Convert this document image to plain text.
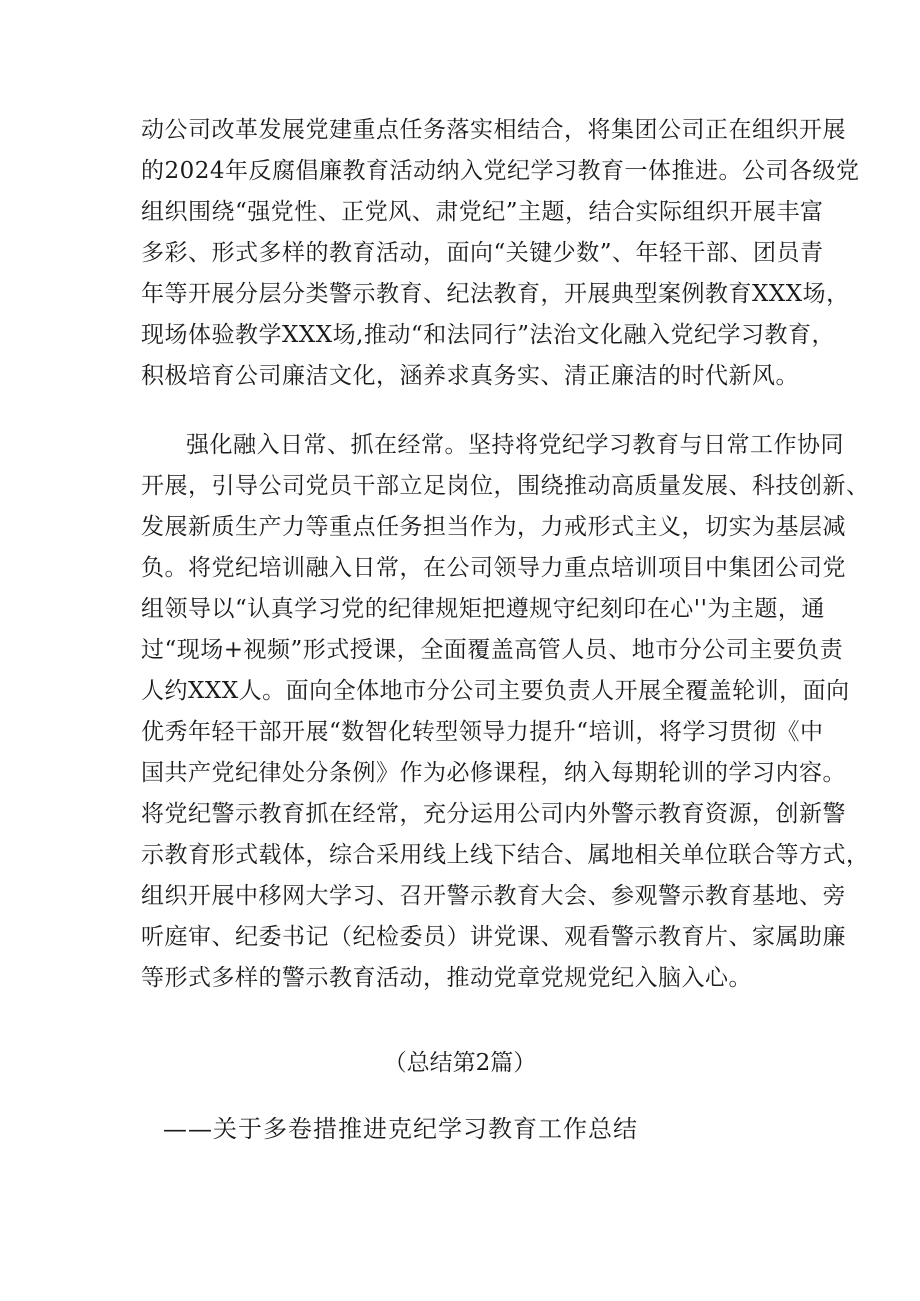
动公司改革发展党建重点任务落实相结合，将集团公司正在组织开展
的2024年反腐倡廉教育活动纳入党纪学习教育一体推进。公司各级党
组织围绕“强党性、正党风、肃党纪”主题，结合实际组织开展丰富
多彩、形式多样的教育活动，面向“关键少数”、年轻干部、团员青
年等开展分层分类警示教育、纪法教育，开展典型案例教育XXX场，
现场体验教学XXX场,推动“和法同行”法治文化融入党纪学习教育，
积极培育公司廉洁文化，涵养求真务实、清正廉洁的时代新风。
强化融入日常、抓在经常。坚持将党纪学习教育与日常工作协同
开展，引导公司党员干部立足岗位，围绕推动高质量发展、科技创新、
发展新质生产力等重点任务担当作为，力戒形式主义，切实为基层减
负。将党纪培训融入日常，在公司领导力重点培训项目中集团公司党
组领导以“认真学习党的纪律规矩把遵规守纪刻印在心''为主题，通
过“现场+视频”形式授课，全面覆盖高管人员、地市分公司主要负责
人约XXX人。面向全体地市分公司主要负责人开展全覆盖轮训，面向
优秀年轻干部开展“数智化转型领导力提升“培训，将学习贯彻《中
国共产党纪律处分条例》作为必修课程，纳入每期轮训的学习内容。
将党纪警示教育抓在经常，充分运用公司内外警示教育资源，创新警
示教育形式载体，综合采用线上线下结合、属地相关单位联合等方式，
组织开展中移网大学习、召开警示教育大会、参观警示教育基地、旁
听庭审、纪委书记（纪检委员）讲党课、观看警示教育片、家属助廉
等形式多样的警示教育活动，推动党章党规党纪入脑入心。
（总结第2篇）
——关于多卷措推进克纪学习教育工作总结
